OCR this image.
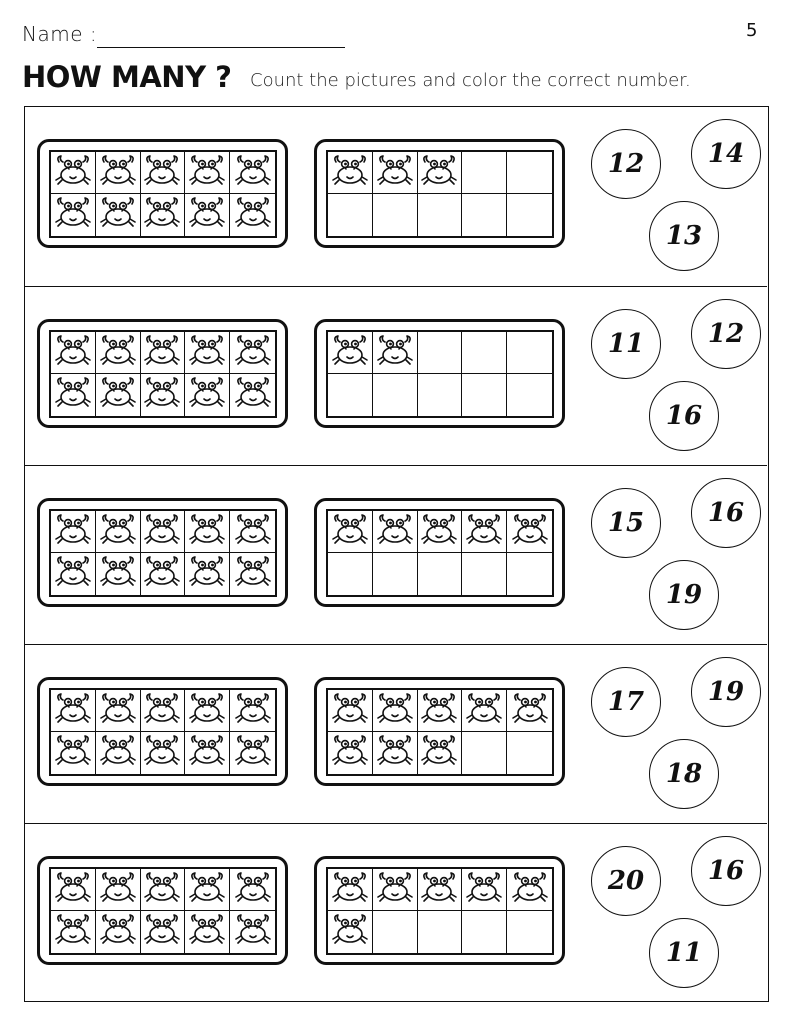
Name :	5
HOW MANY ? Count the pictures and color the correct number.
12	14
13
11	12
16
15	16
19
17	19
18
20	16
11
